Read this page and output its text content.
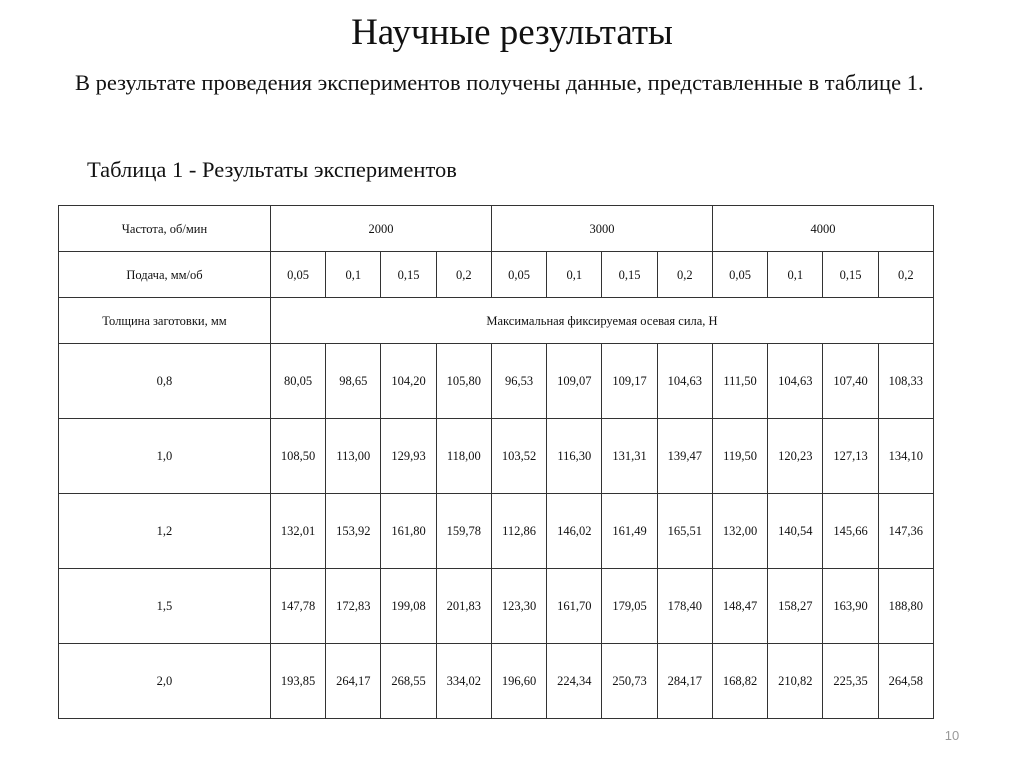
Научные результаты

В результате проведения экспериментов получены данные, представленные в таблице 1.

Таблица 1 - Результаты экспериментов

Частота, об/мин	2000				3000				4000			
Подача, мм/об	0,05	0,1	0,15	0,2	0,05	0,1	0,15	0,2	0,05	0,1	0,15	0,2
Толщина заготовки, мм	Максимальная фиксируемая осевая сила, Н											
0,8	80,05	98,65	104,20	105,80	96,53	109,07	109,17	104,63	111,50	104,63	107,40	108,33
1,0	108,50	113,00	129,93	118,00	103,52	116,30	131,31	139,47	119,50	120,23	127,13	134,10
1,2	132,01	153,92	161,80	159,78	112,86	146,02	161,49	165,51	132,00	140,54	145,66	147,36
1,5	147,78	172,83	199,08	201,83	123,30	161,70	179,05	178,40	148,47	158,27	163,90	188,80
2,0	193,85	264,17	268,55	334,02	196,60	224,34	250,73	284,17	168,82	210,82	225,35	264,58
10
